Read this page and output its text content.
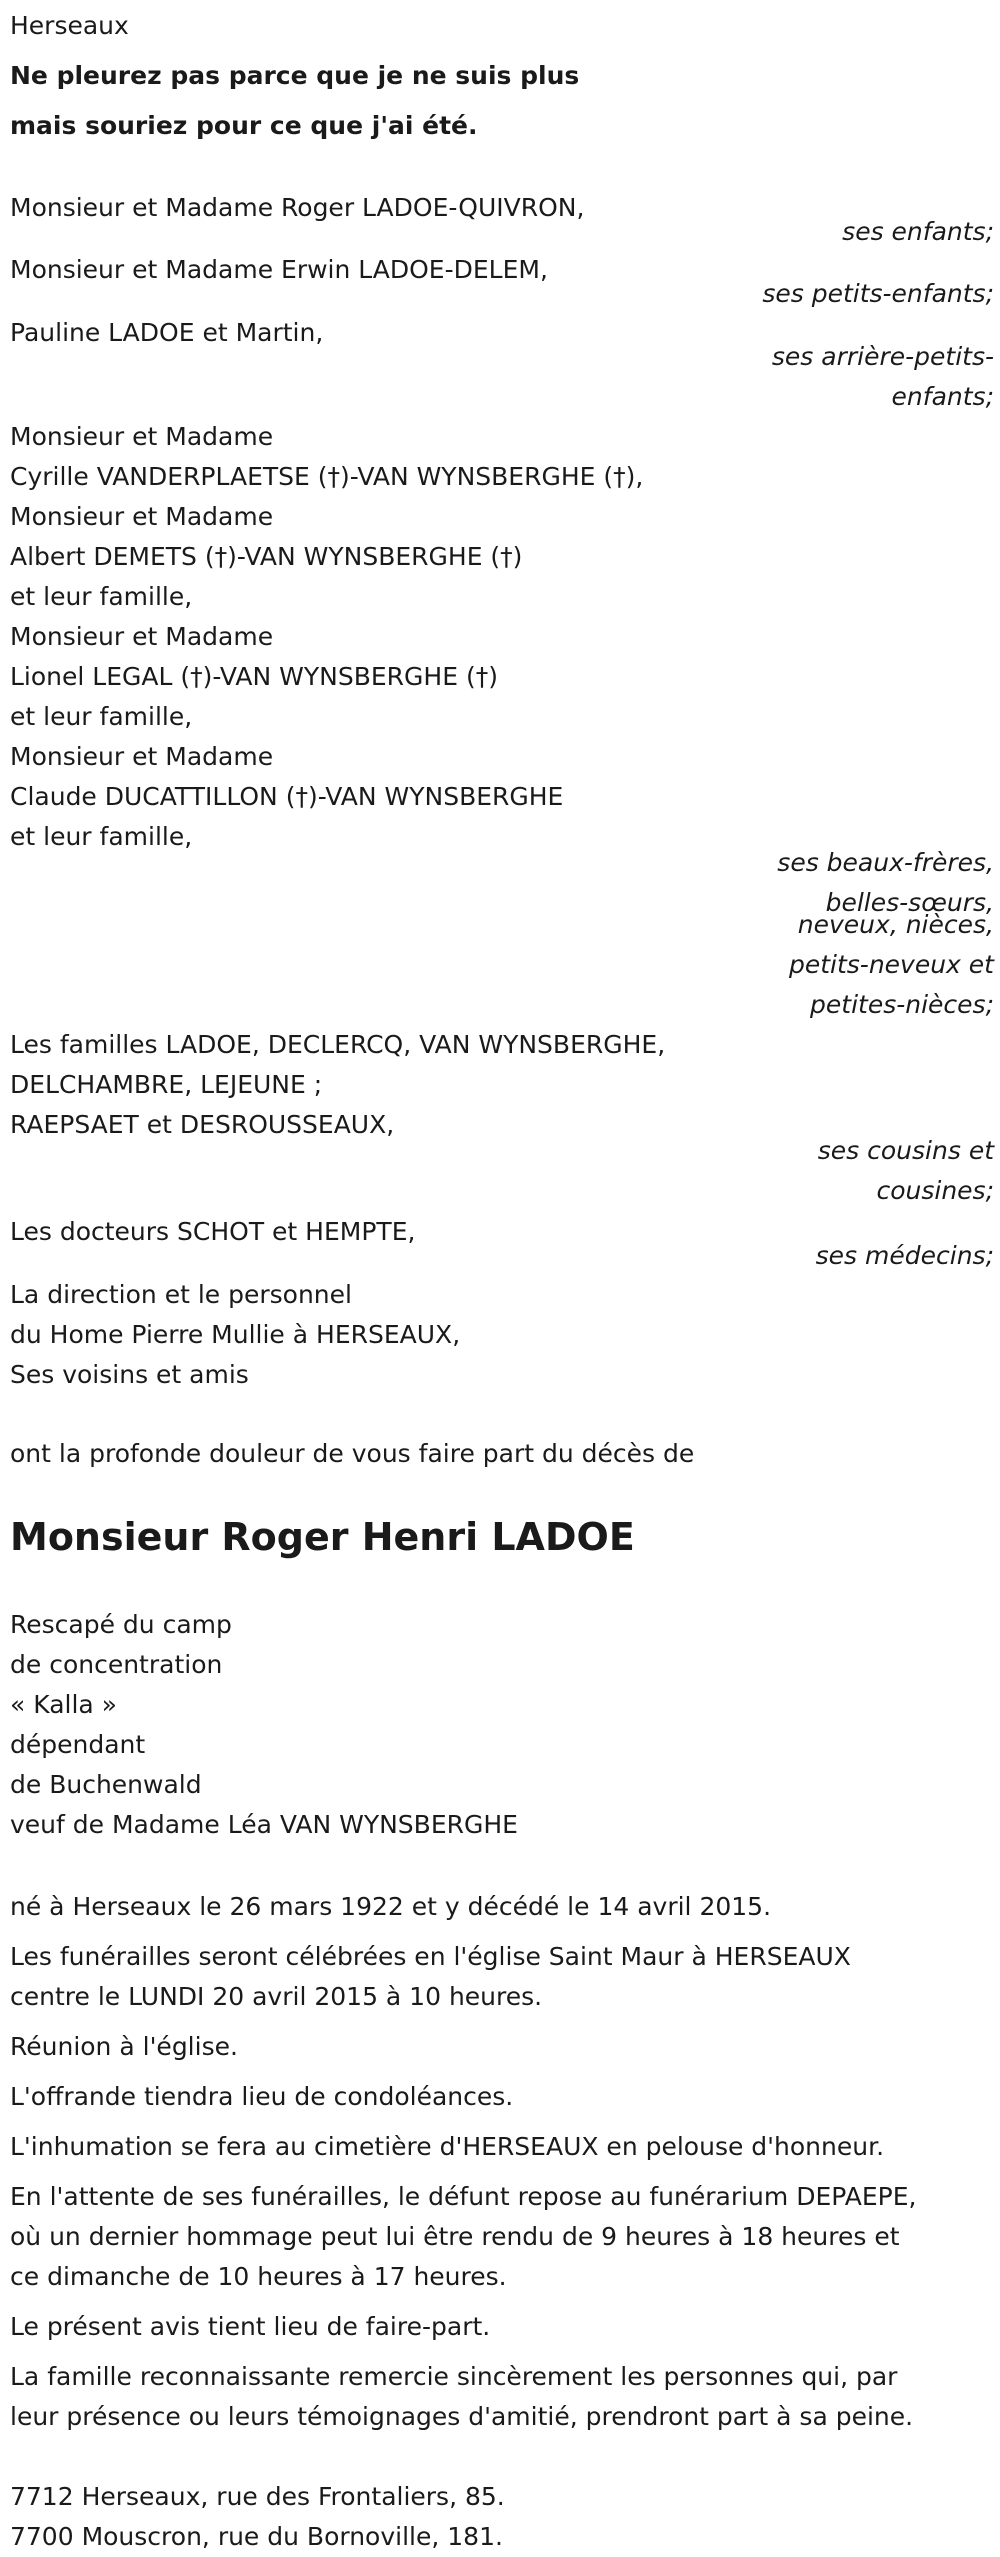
Herseaux
Ne pleurez pas parce que je ne suis plus
mais souriez pour ce que j'ai été.
Monsieur et Madame Roger LADOE-QUIVRON,
ses enfants;
Monsieur et Madame Erwin LADOE-DELEM,
ses petits-enfants;
Pauline LADOE et Martin,
ses arrière-petits-
enfants;
Monsieur et Madame
Cyrille VANDERPLAETSE (†)-VAN WYNSBERGHE (†),
Monsieur et Madame
Albert DEMETS (†)-VAN WYNSBERGHE (†)
et leur famille,
Monsieur et Madame
Lionel LEGAL (†)-VAN WYNSBERGHE (†)
et leur famille,
Monsieur et Madame
Claude DUCATTILLON (†)-VAN WYNSBERGHE
et leur famille,
ses beaux-frères,
belles-sœurs,
neveux, nièces,
petits-neveux et
petites-nièces;
Les familles LADOE, DECLERCQ, VAN WYNSBERGHE,
DELCHAMBRE, LEJEUNE ;
RAEPSAET et DESROUSSEAUX,
ses cousins et
cousines;
Les docteurs SCHOT et HEMPTE,
ses médecins;
La direction et le personnel
du Home Pierre Mullie à HERSEAUX,
Ses voisins et amis
ont la profonde douleur de vous faire part du décès de
Monsieur Roger Henri LADOE
Rescapé du camp
de concentration
« Kalla »
dépendant
de Buchenwald
veuf de Madame Léa VAN WYNSBERGHE
né à Herseaux le 26 mars 1922 et y décédé le 14 avril 2015.
Les funérailles seront célébrées en l'église Saint Maur à HERSEAUX
centre le LUNDI 20 avril 2015 à 10 heures.
Réunion à l'église.
L'offrande tiendra lieu de condoléances.
L'inhumation se fera au cimetière d'HERSEAUX en pelouse d'honneur.
En l'attente de ses funérailles, le défunt repose au funérarium DEPAEPE,
où un dernier hommage peut lui être rendu de 9 heures à 18 heures et
ce dimanche de 10 heures à 17 heures.
Le présent avis tient lieu de faire-part.
La famille reconnaissante remercie sincèrement les personnes qui, par
leur présence ou leurs témoignages d'amitié, prendront part à sa peine.
7712 Herseaux, rue des Frontaliers, 85.
7700 Mouscron, rue du Bornoville, 181.
